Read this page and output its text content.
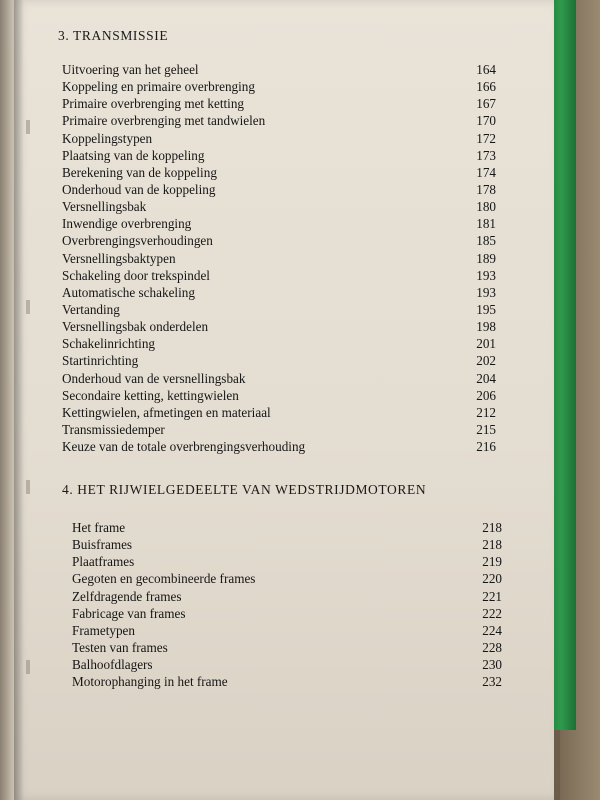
3. TRANSMISSIE
Uitvoering van het geheel	164
Koppeling en primaire overbrenging	166
Primaire overbrenging met ketting	167
Primaire overbrenging met tandwielen	170
Koppelingstypen	172
Plaatsing van de koppeling	173
Berekening van de koppeling	174
Onderhoud van de koppeling	178
Versnellingsbak	180
Inwendige overbrenging	181
Overbrengingsverhoudingen	185
Versnellingsbaktypen	189
Schakeling door trekspindel	193
Automatische schakeling	193
Vertanding	195
Versnellingsbak onderdelen	198
Schakelinrichting	201
Startinrichting	202
Onderhoud van de versnellingsbak	204
Secondaire ketting, kettingwielen	206
Kettingwielen, afmetingen en materiaal	212
Transmissiedemper	215
Keuze van de totale overbrengingsverhouding	216
4. HET RIJWIELGEDEELTE VAN WEDSTRIJDMOTOREN
Het frame	218
Buisframes	218
Plaatframes	219
Gegoten en gecombineerde frames	220
Zelfdragende frames	221
Fabricage van frames	222
Frametypen	224
Testen van frames	228
Balhoofdlagers	230
Motorophanging in het frame	232
